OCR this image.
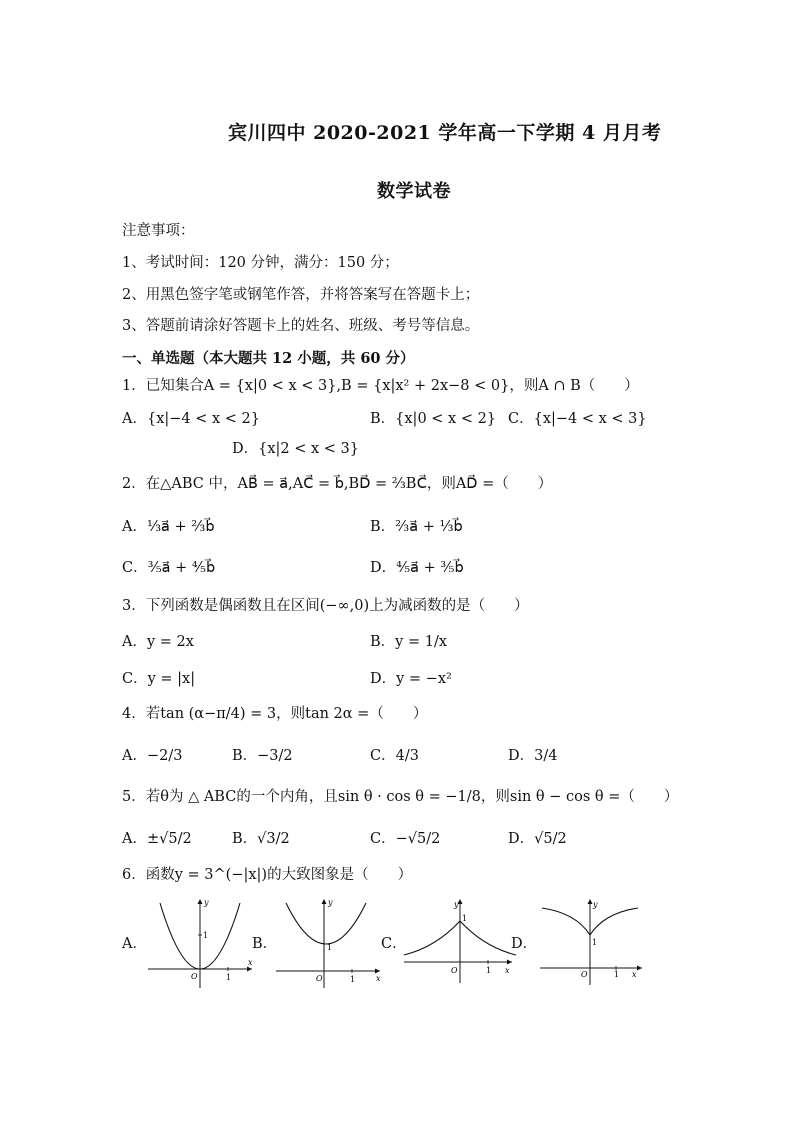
宾川四中 2020-2021 学年高一下学期 4 月月考
数学试卷
注意事项：
1、考试时间：120 分钟，满分：150 分；
2、用黑色签字笔或钢笔作答，并将答案写在答题卡上；
3、答题前请涂好答题卡上的姓名、班级、考号等信息。
一、单选题（本大题共 12 小题，共 60 分）
1．已知集合A = {x|0 < x < 3},B = {x|x² + 2x−8 < 0}，则A ∩ B（　　）
A．{x|−4 < x < 2}	B．{x|0 < x < 2} C．{x|−4 < x < 3}
D．{x|2 < x < 3}
2．在△ABC 中，AB⃗ = a⃗,AC⃗ = b⃗,BD⃗ = ⅔BC⃗，则AD⃗ =（　　）
A．⅓a⃗ + ⅔b⃗	B．⅔a⃗ + ⅓b⃗
C．⅗a⃗ + ⅘b⃗	D．⅘a⃗ + ⅗b⃗
3．下列函数是偶函数且在区间(−∞,0)上为减函数的是（　　）
A．y = 2x	B．y = 1/x
C．y = |x|	D．y = −x²
4．若tan (α−π/4) = 3，则tan 2α =（　　）
A．−2/3	B．−3/2	C．4/3	D．3/4
5．若θ为 △ ABC的一个内角，且sin θ · cos θ = −1/8，则sin θ − cos θ =（　　）
A．±√5/2	B．√3/2	C．−√5/2	D．√5/2
6．函数y = 3^(−|x|)的大致图象是（　　）
A．	B．	C．	D．
y
x
O	1
1
y
x
O	1
1
y
x
O	1
1
y
x
O	1
1
